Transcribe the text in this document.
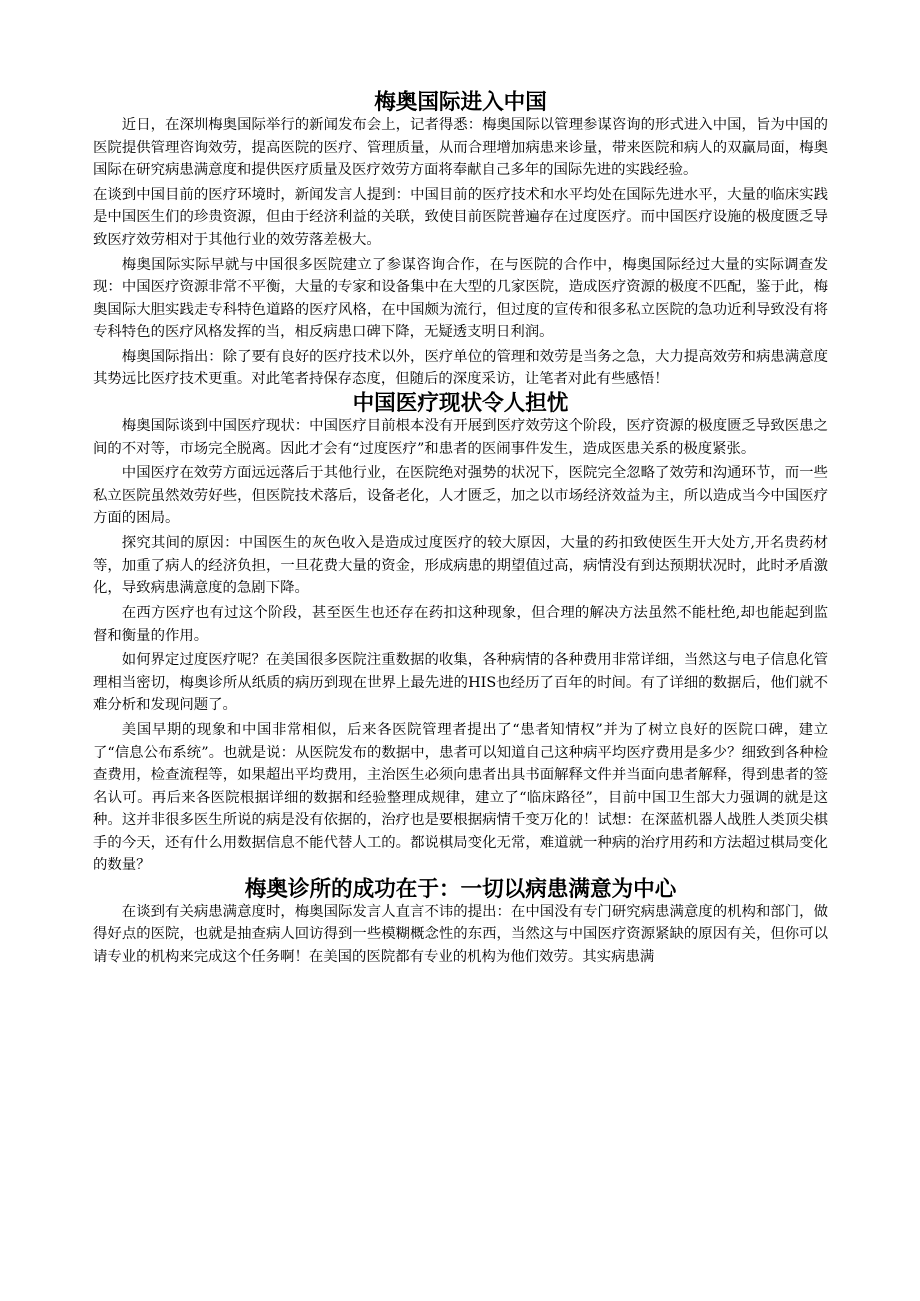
梅奥国际进入中国

近日，在深圳梅奥国际举行的新闻发布会上，记者得悉：梅奥国际以管理参谋咨询的形式进入中国，旨为中国的医院提供管理咨询效劳，提高医院的医疗、管理质量，从而合理增加病患来诊量，带来医院和病人的双赢局面，梅奥国际在研究病患满意度和提供医疗质量及医疗效劳方面将奉献自己多年的国际先进的实践经验。

在谈到中国目前的医疗环境时，新闻发言人提到：中国目前的医疗技术和水平均处在国际先进水平，大量的临床实践是中国医生们的珍贵资源，但由于经济利益的关联，致使目前医院普遍存在过度医疗。而中国医疗设施的极度匮乏导致医疗效劳相对于其他行业的效劳落差极大。

梅奥国际实际早就与中国很多医院建立了参谋咨询合作，在与医院的合作中，梅奥国际经过大量的实际调查发现：中国医疗资源非常不平衡，大量的专家和设备集中在大型的几家医院，造成医疗资源的极度不匹配，鉴于此，梅奥国际大胆实践走专科特色道路的医疗风格，在中国颇为流行，但过度的宣传和很多私立医院的急功近利导致没有将专科特色的医疗风格发挥的当，相反病患口碑下降，无疑透支明日利润。

梅奥国际指出：除了要有良好的医疗技术以外，医疗单位的管理和效劳是当务之急，大力提高效劳和病患满意度其势远比医疗技术更重。对此笔者持保存态度，但随后的深度采访，让笔者对此有些感悟！

中国医疗现状令人担忧

梅奥国际谈到中国医疗现状：中国医疗目前根本没有开展到医疗效劳这个阶段，医疗资源的极度匮乏导致医患之间的不对等，市场完全脱离。因此才会有“过度医疗”和患者的医闹事件发生，造成医患关系的极度紧张。

中国医疗在效劳方面远远落后于其他行业，在医院绝对强势的状况下，医院完全忽略了效劳和沟通环节，而一些私立医院虽然效劳好些，但医院技术落后，设备老化，人才匮乏，加之以市场经济效益为主，所以造成当今中国医疗方面的困局。

探究其间的原因：中国医生的灰色收入是造成过度医疗的较大原因，大量的药扣致使医生开大处方,开名贵药材等，加重了病人的经济负担，一旦花费大量的资金，形成病患的期望值过高，病情没有到达预期状况时，此时矛盾激化，导致病患满意度的急剧下降。

在西方医疗也有过这个阶段，甚至医生也还存在药扣这种现象，但合理的解决方法虽然不能杜绝,却也能起到监督和衡量的作用。

如何界定过度医疗呢？在美国很多医院注重数据的收集，各种病情的各种费用非常详细，当然这与电子信息化管理相当密切，梅奥诊所从纸质的病历到现在世界上最先进的HIS也经历了百年的时间。有了详细的数据后，他们就不难分析和发现问题了。

美国早期的现象和中国非常相似，后来各医院管理者提出了“患者知情权”并为了树立良好的医院口碑，建立了“信息公布系统”。也就是说：从医院发布的数据中，患者可以知道自己这种病平均医疗费用是多少？细致到各种检查费用，检查流程等，如果超出平均费用，主治医生必须向患者出具书面解释文件并当面向患者解释，得到患者的签名认可。再后来各医院根据详细的数据和经验整理成规律，建立了“临床路径”，目前中国卫生部大力强调的就是这种。这并非很多医生所说的病是没有依据的，治疗也是要根据病情千变万化的！试想：在深蓝机器人战胜人类顶尖棋手的今天，还有什么用数据信息不能代替人工的。都说棋局变化无常，难道就一种病的治疗用药和方法超过棋局变化的数量？

梅奥诊所的成功在于：一切以病患满意为中心

在谈到有关病患满意度时，梅奥国际发言人直言不讳的提出：在中国没有专门研究病患满意度的机构和部门，做得好点的医院，也就是抽查病人回访得到一些模糊概念性的东西，当然这与中国医疗资源紧缺的原因有关，但你可以请专业的机构来完成这个任务啊！在美国的医院都有专业的机构为他们效劳。其实病患满
